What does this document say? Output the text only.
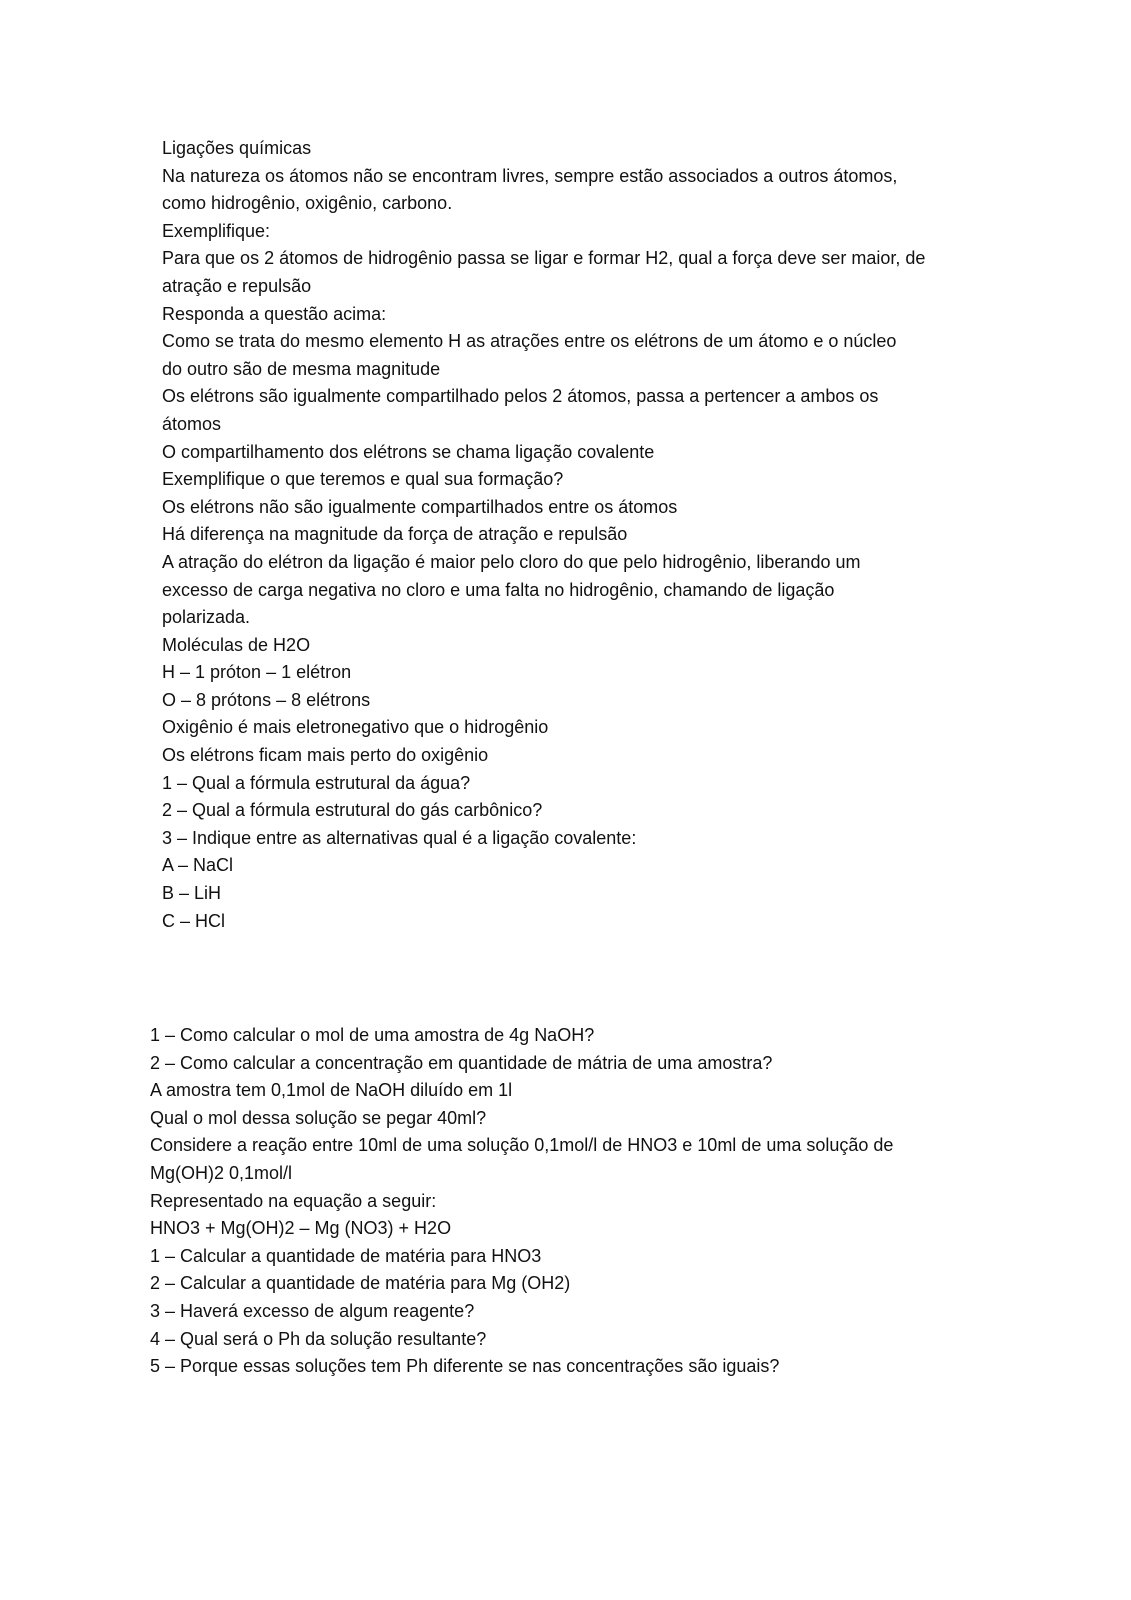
Ligações químicas
Na natureza os átomos não se encontram livres, sempre estão associados a outros átomos,
como hidrogênio, oxigênio, carbono.
Exemplifique:
Para que os 2 átomos de hidrogênio passa se ligar e formar H2, qual a força deve ser maior, de
atração e repulsão
Responda a questão acima:
Como se trata do mesmo elemento H as atrações entre os elétrons de um átomo e o núcleo
do outro são de mesma magnitude
Os elétrons são igualmente compartilhado pelos 2 átomos, passa a pertencer a ambos os
átomos
O compartilhamento dos elétrons se chama ligação covalente
Exemplifique o que teremos e qual sua formação?
Os elétrons não são igualmente compartilhados entre os átomos
Há diferença na magnitude da força de atração e repulsão
A atração do elétron da ligação é maior pelo cloro do que pelo hidrogênio, liberando um
excesso de carga negativa no cloro e uma falta no hidrogênio, chamando de ligação
polarizada.
Moléculas de H2O
H – 1 próton – 1 elétron
O – 8 prótons – 8 elétrons
Oxigênio é mais eletronegativo que o hidrogênio
Os elétrons ficam mais perto do oxigênio
1 – Qual a fórmula estrutural da água?
2 – Qual a fórmula estrutural do gás carbônico?
3 – Indique entre as alternativas qual é a ligação covalente:
A – NaCl
B – LiH
C – HCl
1 – Como calcular o mol de uma amostra de 4g NaOH?
2 – Como calcular a concentração em quantidade de mátria de uma amostra?
A amostra tem 0,1mol de NaOH diluído em 1l
Qual o mol dessa solução se pegar 40ml?
Considere a reação entre 10ml de uma solução 0,1mol/l de HNO3 e 10ml de uma solução de
Mg(OH)2 0,1mol/l
Representado na equação a seguir:
HNO3 + Mg(OH)2 – Mg (NO3) + H2O
1 – Calcular a quantidade de matéria para HNO3
2 – Calcular a quantidade de matéria para Mg (OH2)
3 – Haverá excesso de algum reagente?
4 – Qual será o Ph da solução resultante?
5 – Porque essas soluções tem Ph diferente se nas concentrações são iguais?
